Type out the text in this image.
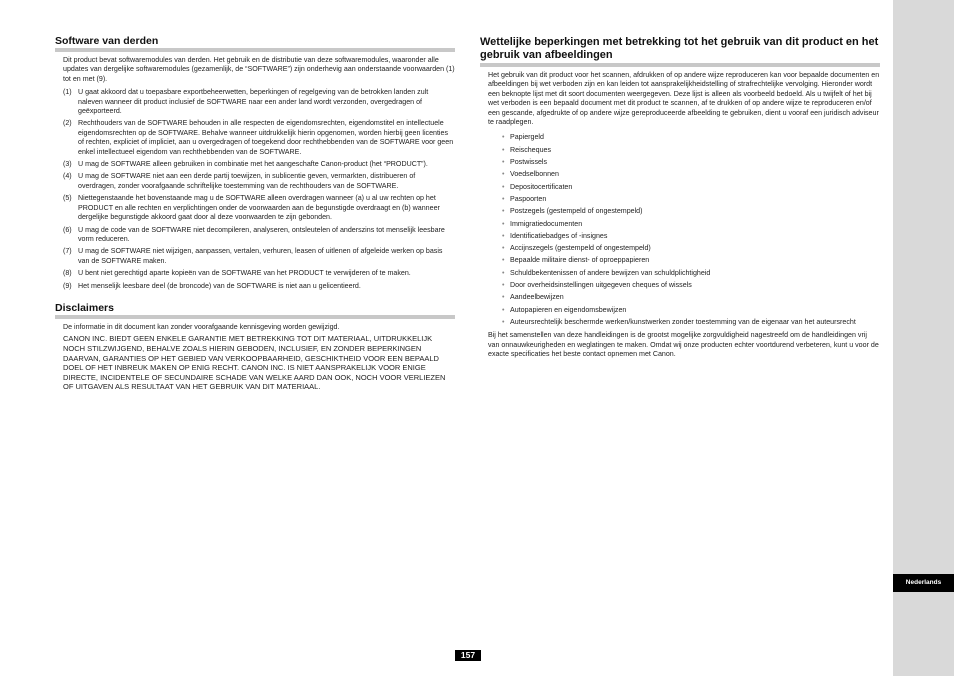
Software van derden

Dit product bevat softwaremodules van derden. Het gebruik en de distributie van deze softwaremodules, waaronder alle updates van dergelijke softwaremodules (gezamenlijk, de “SOFTWARE”) zijn onderhevig aan onderstaande voorwaarden (1) tot en met (9).

(1) U gaat akkoord dat u toepasbare exportbeheerwetten, beperkingen of regelgeving van de betrokken landen zult naleven wanneer dit product inclusief de SOFTWARE naar een ander land wordt verzonden, overgedragen of geëxporteerd.
(2) Rechthouders van de SOFTWARE behouden in alle respecten de eigendomsrechten, eigendomstitel en intellectuele eigendomsrechten op de SOFTWARE. Behalve wanneer uitdrukkelijk hierin opgenomen, worden hierbij geen licenties of rechten, expliciet of impliciet, aan u overgedragen of toegekend door rechthebbenden van de SOFTWARE voor geen enkel intellectueel eigendom van rechthebbenden van de SOFTWARE.
(3) U mag de SOFTWARE alleen gebruiken in combinatie met het aangeschafte Canon-product (het “PRODUCT”).
(4) U mag de SOFTWARE niet aan een derde partij toewijzen, in sublicentie geven, vermarkten, distribueren of overdragen, zonder voorafgaande schriftelijke toestemming van de rechthouders van de SOFTWARE.
(5) Niettegenstaande het bovenstaande mag u de SOFTWARE alleen overdragen wanneer (a) u al uw rechten op het PRODUCT en alle rechten en verplichtingen onder de voorwaarden aan de begunstigde overdraagt en (b) wanneer dergelijke begunstigde akkoord gaat door al deze voorwaarden te zijn gebonden.
(6) U mag de code van de SOFTWARE niet decompileren, analyseren, ontsleutelen of anderszins tot menselijk leesbare vorm reduceren.
(7) U mag de SOFTWARE niet wijzigen, aanpassen, vertalen, verhuren, leasen of uitlenen of afgeleide werken op basis van de SOFTWARE maken.
(8) U bent niet gerechtigd aparte kopieën van de SOFTWARE van het PRODUCT te verwijderen of te maken.
(9) Het menselijk leesbare deel (de broncode) van de SOFTWARE is niet aan u gelicentieerd.
Disclaimers

De informatie in dit document kan zonder voorafgaande kennisgeving worden gewijzigd.

CANON INC. BIEDT GEEN ENKELE GARANTIE MET BETREKKING TOT DIT MATERIAAL, UITDRUKKELIJK NOCH STILZWIJGEND, BEHALVE ZOALS HIERIN GEBODEN, INCLUSIEF, EN ZONDER BEPERKINGEN DAARVAN, GARANTIES OP HET GEBIED VAN VERKOOPBAARHEID, GESCHIKTHEID VOOR EEN BEPAALD DOEL OF HET INBREUK MAKEN OP ENIG RECHT. CANON INC. IS NIET AANSPRAKELIJK VOOR ENIGE DIRECTE, INCIDENTELE OF SECUNDAIRE SCHADE VAN WELKE AARD DAN OOK, NOCH VOOR VERLIEZEN OF UITGAVEN ALS RESULTAAT VAN HET GEBRUIK VAN DIT MATERIAAL.

Wettelijke beperkingen met betrekking tot het gebruik van dit product en het gebruik van afbeeldingen

Het gebruik van dit product voor het scannen, afdrukken of op andere wijze reproduceren kan voor bepaalde documenten en afbeeldingen bij wet verboden zijn en kan leiden tot aansprakelijkheidstelling of strafrechtelijke vervolging. Hieronder wordt een beknopte lijst met dit soort documenten weergegeven. Deze lijst is alleen als voorbeeld bedoeld. Als u twijfelt of het bij wet verboden is een bepaald document met dit product te scannen, af te drukken of op andere wijze te reproduceren en/of een gescande, afgedrukte of op andere wijze gereproduceerde afbeelding te gebruiken, dient u vooraf een juridisch adviseur te raadplegen.

• Papiergeld
• Reischeques
• Postwissels
• Voedselbonnen
• Depositocertificaten
• Paspoorten
• Postzegels (gestempeld of ongestempeld)
• Immigratiedocumenten
• Identificatiebadges of -insignes
• Accijnszegels (gestempeld of ongestempeld)
• Bepaalde militaire dienst- of oproeppapieren
• Schuldbekentenissen of andere bewijzen van schuldplichtigheid
• Door overheidsinstellingen uitgegeven cheques of wissels
• Aandeelbewijzen
• Autopapieren en eigendomsbewijzen
• Auteursrechtelijk beschermde werken/kunstwerken zonder toestemming van de eigenaar van het auteursrecht

Bij het samenstellen van deze handleidingen is de grootst mogelijke zorgvuldigheid nagestreefd om de handleidingen vrij van onnauwkeurigheden en weglatingen te maken. Omdat wij onze producten echter voortdurend verbeteren, kunt u voor de exacte specificaties het beste contact opnemen met Canon.

Nederlands
157
